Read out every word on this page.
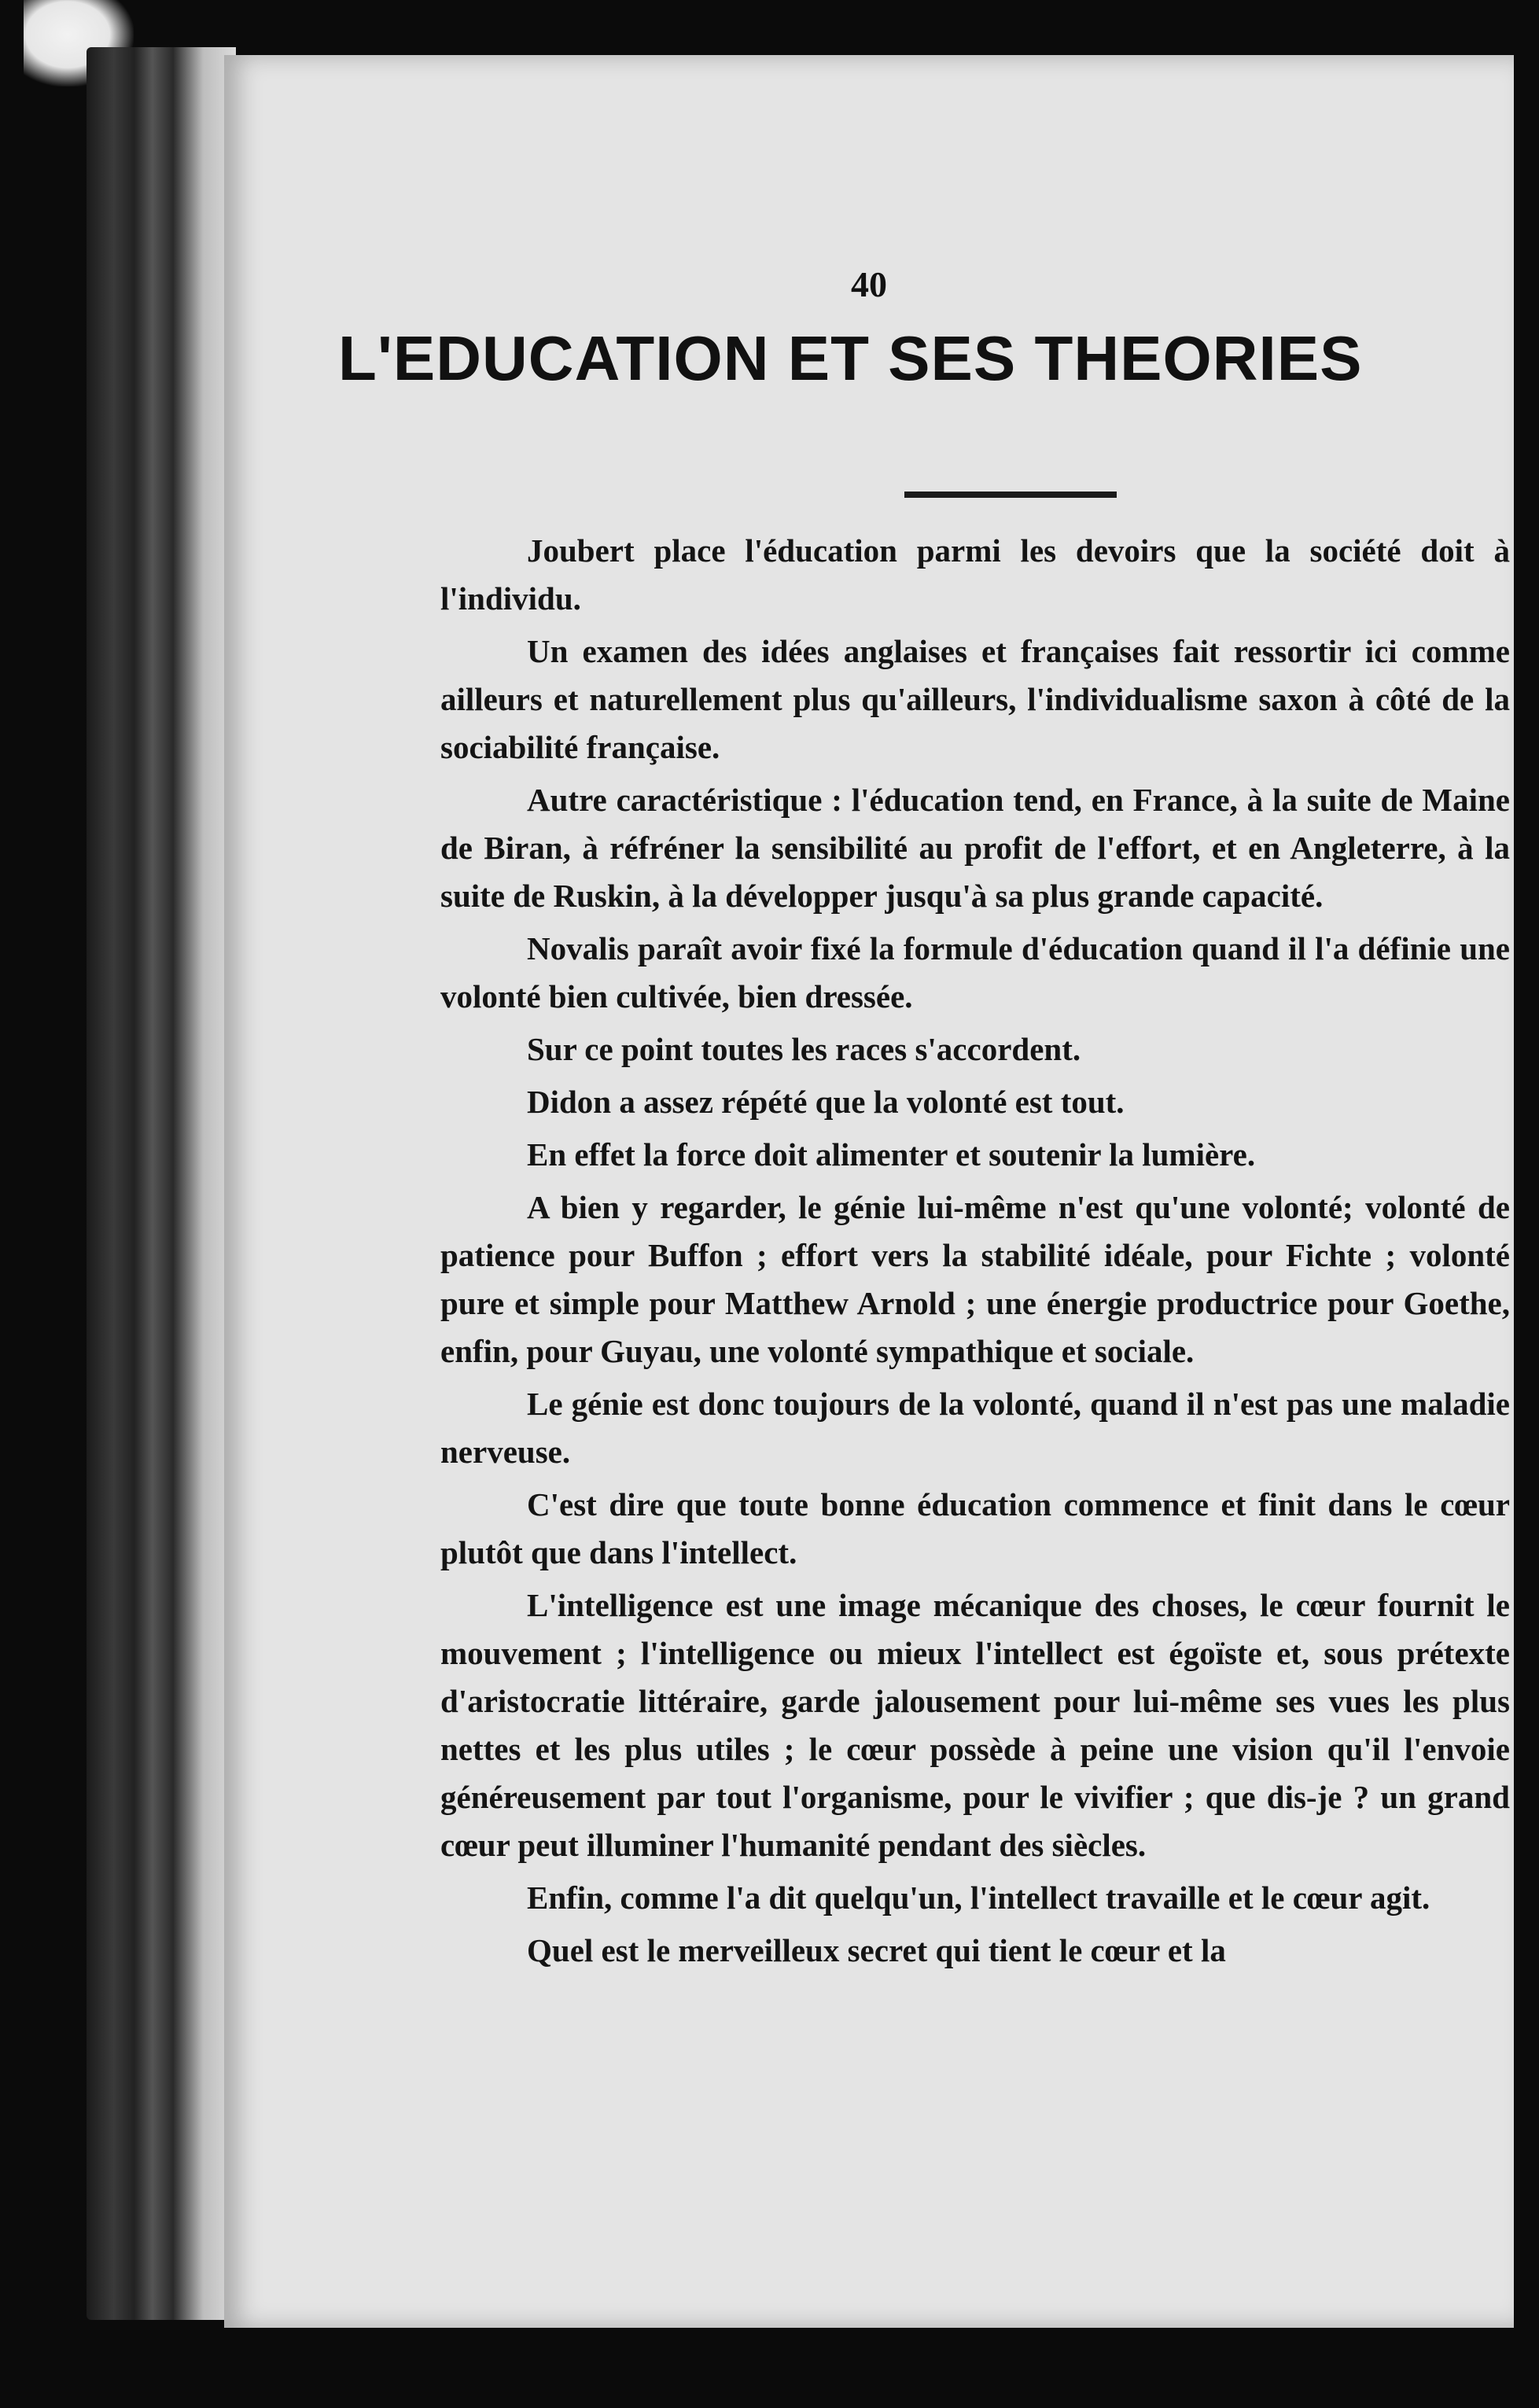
40
L'EDUCATION ET SES THEORIES

Joubert place l'éducation parmi les devoirs que la société doit à l'individu.

Un examen des idées anglaises et françaises fait ressortir ici comme ailleurs et naturellement plus qu'ailleurs, l'individualisme saxon à côté de la sociabilité française.

Autre caractéristique : l'éducation tend, en France, à la suite de Maine de Biran, à réfréner la sensibilité au profit de l'effort, et en Angleterre, à la suite de Ruskin, à la développer jusqu'à sa plus grande capacité.

Novalis paraît avoir fixé la formule d'éducation quand il l'a définie une volonté bien cultivée, bien dressée.

Sur ce point toutes les races s'accordent.

Didon a assez répété que la volonté est tout.

En effet la force doit alimenter et soutenir la lumière.

A bien y regarder, le génie lui-même n'est qu'une volonté; volonté de patience pour Buffon ; effort vers la stabilité idéale, pour Fichte ; volonté pure et simple pour Matthew Arnold ; une énergie productrice pour Goethe, enfin, pour Guyau, une volonté sympathique et sociale.

Le génie est donc toujours de la volonté, quand il n'est pas une maladie nerveuse.

C'est dire que toute bonne éducation commence et finit dans le cœur plutôt que dans l'intellect.

L'intelligence est une image mécanique des choses, le cœur fournit le mouvement ; l'intelligence ou mieux l'intellect est égoïste et, sous prétexte d'aristocratie littéraire, garde jalousement pour lui-même ses vues les plus nettes et les plus utiles ; le cœur possède à peine une vision qu'il l'envoie généreusement par tout l'organisme, pour le vivifier ; que dis-je ? un grand cœur peut illuminer l'humanité pendant des siècles.

Enfin, comme l'a dit quelqu'un, l'intellect travaille et le cœur agit.

Quel est le merveilleux secret qui tient le cœur et la
